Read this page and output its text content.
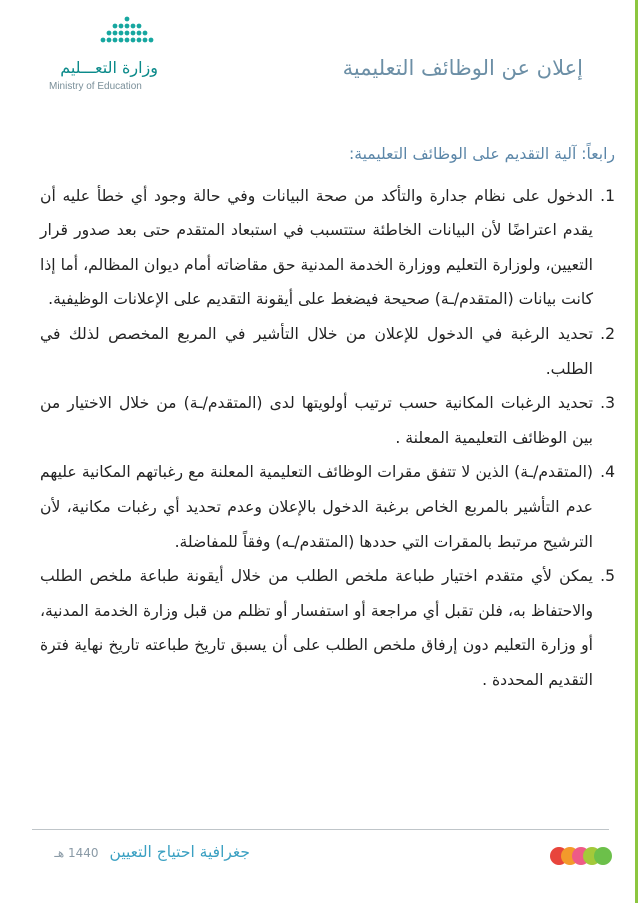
إعلان عن الوظائف التعليمية
وزارة التعـــليم
Ministry of Education
رابعاً: آلية التقديم على الوظائف التعليمية:
1.
الدخول على نظام جدارة والتأكد من صحة البيانات وفي حالة وجود أي خطأ عليه أن يقدم اعتراضًا لأن البيانات الخاطئة ستتسبب في استبعاد المتقدم حتى بعد صدور قرار التعيين، ولوزارة التعليم ووزارة الخدمة المدنية حق مقاضاته أمام ديوان المظالم، أما إذا كانت بيانات (المتقدم/ـة) صحيحة فيضغط على أيقونة التقديم على الإعلانات الوظيفية.
2.
تحديد الرغبة في الدخول للإعلان من خلال التأشير في المربع المخصص لذلك في الطلب.
3.
تحديد الرغبات المكانية حسب ترتيب أولويتها لدى (المتقدم/ـة) من خلال الاختيار من بين الوظائف التعليمية المعلنة .
4.
(المتقدم/ـة) الذين لا تتفق مقرات الوظائف التعليمية المعلنة مع رغباتهم المكانية عليهم عدم التأشير بالمربع الخاص برغبة الدخول بالإعلان وعدم تحديد أي رغبات مكانية، لأن الترشيح مرتبط بالمقرات التي حددها (المتقدم/ـه) وفقاً للمفاضلة.
5.
يمكن لأي متقدم اختيار طباعة ملخص الطلب من خلال أيقونة طباعة ملخص الطلب والاحتفاظ به، فلن تقبل أي مراجعة أو استفسار أو تظلم من قبل وزارة الخدمة المدنية، أو وزارة التعليم دون إرفاق ملخص الطلب على أن يسبق تاريخ طباعته تاريخ نهاية فترة التقديم المحددة .
جغرافية احتياج التعيين 1440 هـ
